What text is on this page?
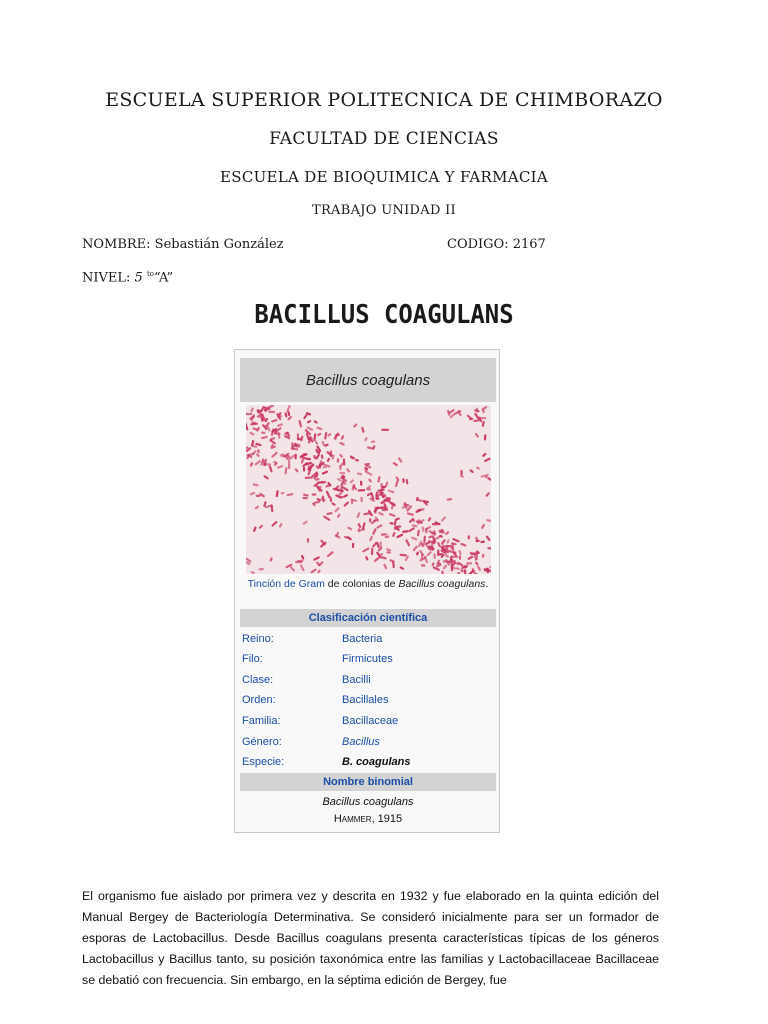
ESCUELA SUPERIOR POLITECNICA DE CHIMBORAZO
FACULTAD DE CIENCIAS
ESCUELA DE BIOQUIMICA Y FARMACIA
TRABAJO UNIDAD II
NOMBRE: Sebastián González	CODIGO: 2167
NIVEL: 5 $^{to}$“A”
BACILLUS COAGULANS
Bacillus coagulans
Tinción de Gram de colonias de Bacillus coagulans.
Clasificación científica
Reino:	Bacteria
Filo:	Firmicutes
Clase:	Bacilli
Orden:	Bacillales
Familia:	Bacillaceae
Género:	Bacillus
Especie:	B. coagulans
Nombre binomial
Bacillus coagulans
Hammer, 1915
El organismo fue aislado por primera vez y descrita en 1932 y fue elaborado en la quinta edición del Manual Bergey de Bacteriología Determinativa. Se consideró inicialmente para ser un formador de esporas de Lactobacillus. Desde Bacillus coagulans presenta características típicas de los géneros Lactobacillus y Bacillus tanto, su posición taxonómica entre las familias y Lactobacillaceae Bacillaceae se debatió con frecuencia. Sin embargo, en la séptima edición de Bergey, fue
